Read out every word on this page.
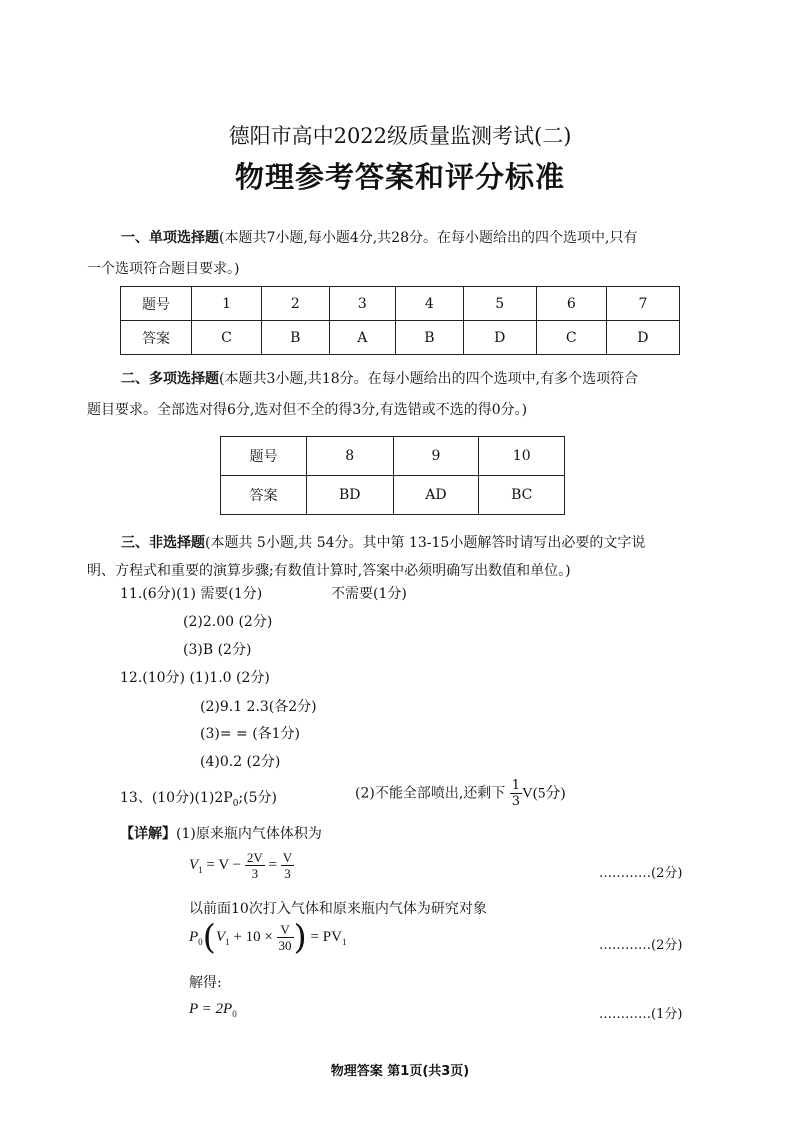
德阳市高中2022级质量监测考试(二)
物理参考答案和评分标准
一、单项选择题(本题共7小题,每小题4分,共28分。在每小题给出的四个选项中,只有
一个选项符合题目要求。)
题号	1	2	3	4	5	6	7
答案	C	B	A	B	D	C	D
二、多项选择题(本题共3小题,共18分。在每小题给出的四个选项中,有多个选项符合
题目要求。全部选对得6分,选对但不全的得3分,有选错或不选的得0分。)
题号	8	9	10
答案	BD	AD	BC
三、非选择题(本题共 5小题,共 54分。其中第 13-15小题解答时请写出必要的文字说
明、方程式和重要的演算步骤;有数值计算时,答案中必须明确写出数值和单位。)
11.(6分)(1) 需要(1分)	不需要(1分)
(2)2.00 (2分)
(3)B (2分)
12.(10分) (1)1.0 (2分)
(2)9.1 2.3(各2分)
(3)= = (各1分)
(4)0.2 (2分)
13、(10分)$(1)2P_0;(5$分)	(2)不能全部喷出,还剩下 $\frac{1}{3} V(5$分)
【详解】(1)原来瓶内气体体积为
$V_1 = V - \frac{2V}{3} = \frac{V}{3}$	…………(2分)
以前面10次打入气体和原来瓶内气体为研究对象
$P_0(V_1 + 10 \times \frac{V}{30}$ ) = $PV_1$	…………(2分)
解得:
$P = 2P_0$	…………(1分)
物理答案 第1页(共3页)
